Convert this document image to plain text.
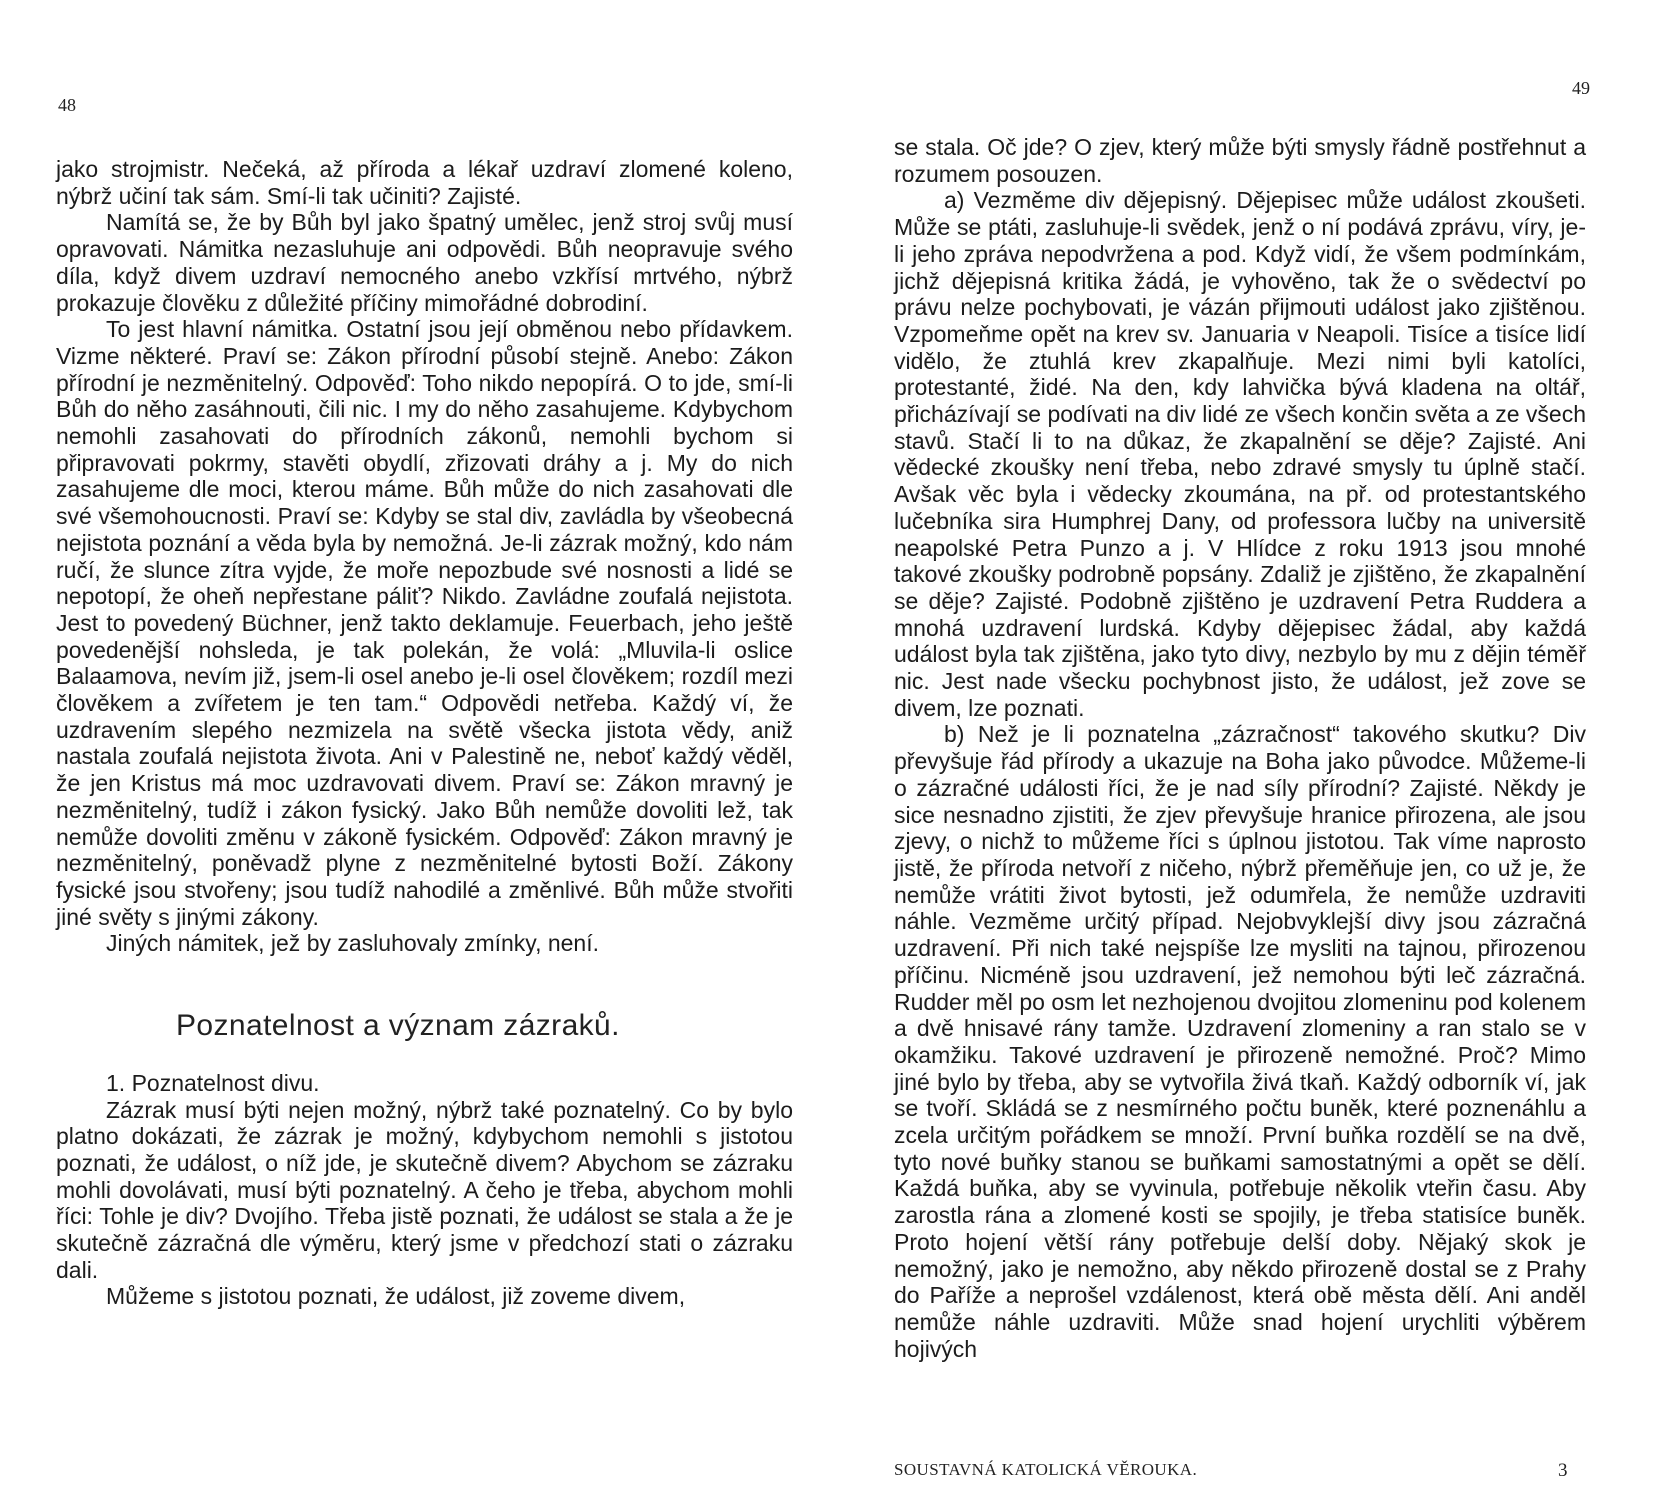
48

jako strojmistr. Nečeká, až příroda a lékař uzdraví zlomené koleno, nýbrž učiní tak sám. Smí-li tak učiniti? Zajisté.

Namítá se, že by Bůh byl jako špatný umělec, jenž stroj svůj musí opravovati. Námitka nezasluhuje ani odpovědi. Bůh neopravuje svého díla, když divem uzdraví nemocného anebo vzkřísí mrtvého, nýbrž prokazuje člověku z důležité příčiny mimořádné dobrodiní.

To jest hlavní námitka. Ostatní jsou její obměnou nebo přídavkem. Vizme některé. Praví se: Zákon přírodní působí stejně. Anebo: Zákon přírodní je nezměnitelný. Odpověď: Toho nikdo nepopírá. O to jde, smí-li Bůh do něho zasáhnouti, čili nic. I my do něho zasahujeme. Kdybychom nemohli zasahovati do přírodních zákonů, nemohli bychom si připravovati pokrmy, stavěti obydlí, zřizovati dráhy a j. My do nich zasahujeme dle moci, kterou máme. Bůh může do nich zasahovati dle své všemohoucnosti. Praví se: Kdyby se stal div, zavládla by všeobecná nejistota poznání a věda byla by nemožná. Je-li zázrak možný, kdo nám ručí, že slunce zítra vyjde, že moře nepozbude své nosnosti a lidé se nepotopí, že oheň nepřestane páliť? Nikdo. Zavládne zoufalá nejistota. Jest to povedený Büchner, jenž takto deklamuje. Feuerbach, jeho ještě povedenější nohsleda, je tak polekán, že volá: „Mluvila-li oslice Balaamova, nevím již, jsem-li osel anebo je-li osel člověkem; rozdíl mezi člověkem a zvířetem je ten tam.“ Odpovědi netřeba. Každý ví, že uzdravením slepého nezmizela na světě všecka jistota vědy, aniž nastala zoufalá nejistota života. Ani v Palestině ne, neboť každý věděl, že jen Kristus má moc uzdravovati divem. Praví se: Zákon mravný je nezměnitelný, tudíž i zákon fysický. Jako Bůh nemůže dovoliti lež, tak nemůže dovoliti změnu v zákoně fysickém. Odpověď: Zákon mravný je nezměnitelný, poněvadž plyne z nezměnitelné bytosti Boží. Zákony fysické jsou stvořeny; jsou tudíž nahodilé a změnlivé. Bůh může stvořiti jiné světy s jinými zákony.

Jiných námitek, jež by zasluhovaly zmínky, není.

Poznatelnost a význam zázraků.

1. Poznatelnost divu.

Zázrak musí býti nejen možný, nýbrž také poznatelný. Co by bylo platno dokázati, že zázrak je možný, kdybychom nemohli s jistotou poznati, že událost, o níž jde, je skutečně divem? Abychom se zázraku mohli dovolávati, musí býti poznatelný. A čeho je třeba, abychom mohli říci: Tohle je div? Dvojího. Třeba jistě poznati, že událost se stala a že je skutečně zázračná dle výměru, který jsme v předchozí stati o zázraku dali.

Můžeme s jistotou poznati, že událost, již zoveme divem,

49

se stala. Oč jde? O zjev, který může býti smysly řádně postřehnut a rozumem posouzen.

a) Vezměme div dějepisný. Dějepisec může událost zkoušeti. Může se ptáti, zasluhuje-li svědek, jenž o ní podává zprávu, víry, je-li jeho zpráva nepodvržena a pod. Když vidí, že všem podmínkám, jichž dějepisná kritika žádá, je vyhověno, tak že o svědectví po právu nelze pochybovati, je vázán přijmouti událost jako zjištěnou. Vzpomeňme opět na krev sv. Januaria v Neapoli. Tisíce a tisíce lidí vidělo, že ztuhlá krev zkapalňuje. Mezi nimi byli katolíci, protestanté, židé. Na den, kdy lahvička bývá kladena na oltář, přicházívají se podívati na div lidé ze všech končin světa a ze všech stavů. Stačí li to na důkaz, že zkapalnění se děje? Zajisté. Ani vědecké zkoušky není třeba, nebo zdravé smysly tu úplně stačí. Avšak věc byla i vědecky zkoumána, na př. od protestantského lučebníka sira Humphrej Dany, od professora lučby na universitě neapolské Petra Punzo a j. V Hlídce z roku 1913 jsou mnohé takové zkoušky podrobně popsány. Zdaliž je zjištěno, že zkapalnění se děje? Zajisté. Podobně zjištěno je uzdravení Petra Ruddera a mnohá uzdravení lurdská. Kdyby dějepisec žádal, aby každá událost byla tak zjištěna, jako tyto divy, nezbylo by mu z dějin téměř nic. Jest nade všecku pochybnost jisto, že událost, jež zove se divem, lze poznati.

b) Než je li poznatelna „zázračnost“ takového skutku? Div převyšuje řád přírody a ukazuje na Boha jako původce. Můžeme-li o zázračné události říci, že je nad síly přírodní? Zajisté. Někdy je sice nesnadno zjistiti, že zjev převyšuje hranice přirozena, ale jsou zjevy, o nichž to můžeme říci s úplnou jistotou. Tak víme naprosto jistě, že příroda netvoří z ničeho, nýbrž přeměňuje jen, co už je, že nemůže vrátiti život bytosti, jež odumřela, že nemůže uzdraviti náhle. Vezměme určitý případ. Nejobvyklejší divy jsou zázračná uzdravení. Při nich také nejspíše lze mysliti na tajnou, přirozenou příčinu. Nicméně jsou uzdravení, jež nemohou býti leč zázračná. Rudder měl po osm let nezhojenou dvojitou zlomeninu pod kolenem a dvě hnisavé rány tamže. Uzdravení zlomeniny a ran stalo se v okamžiku. Takové uzdravení je přirozeně nemožné. Proč? Mimo jiné bylo by třeba, aby se vytvořila živá tkaň. Každý odborník ví, jak se tvoří. Skládá se z nesmírného počtu buněk, které poznenáhlu a zcela určitým pořádkem se množí. První buňka rozdělí se na dvě, tyto nové buňky stanou se buňkami samostatnými a opět se dělí. Každá buňka, aby se vyvinula, potřebuje několik vteřin času. Aby zarostla rána a zlomené kosti se spojily, je třeba statisíce buněk. Proto hojení větší rány potřebuje delší doby. Nějaký skok je nemožný, jako je nemožno, aby někdo přirozeně dostal se z Prahy do Paříže a neprošel vzdálenost, která obě města dělí. Ani anděl nemůže náhle uzdraviti. Může snad hojení urychliti výběrem hojivých

SOUSTAVNÁ KATOLICKÁ VĚROUKA.	3
